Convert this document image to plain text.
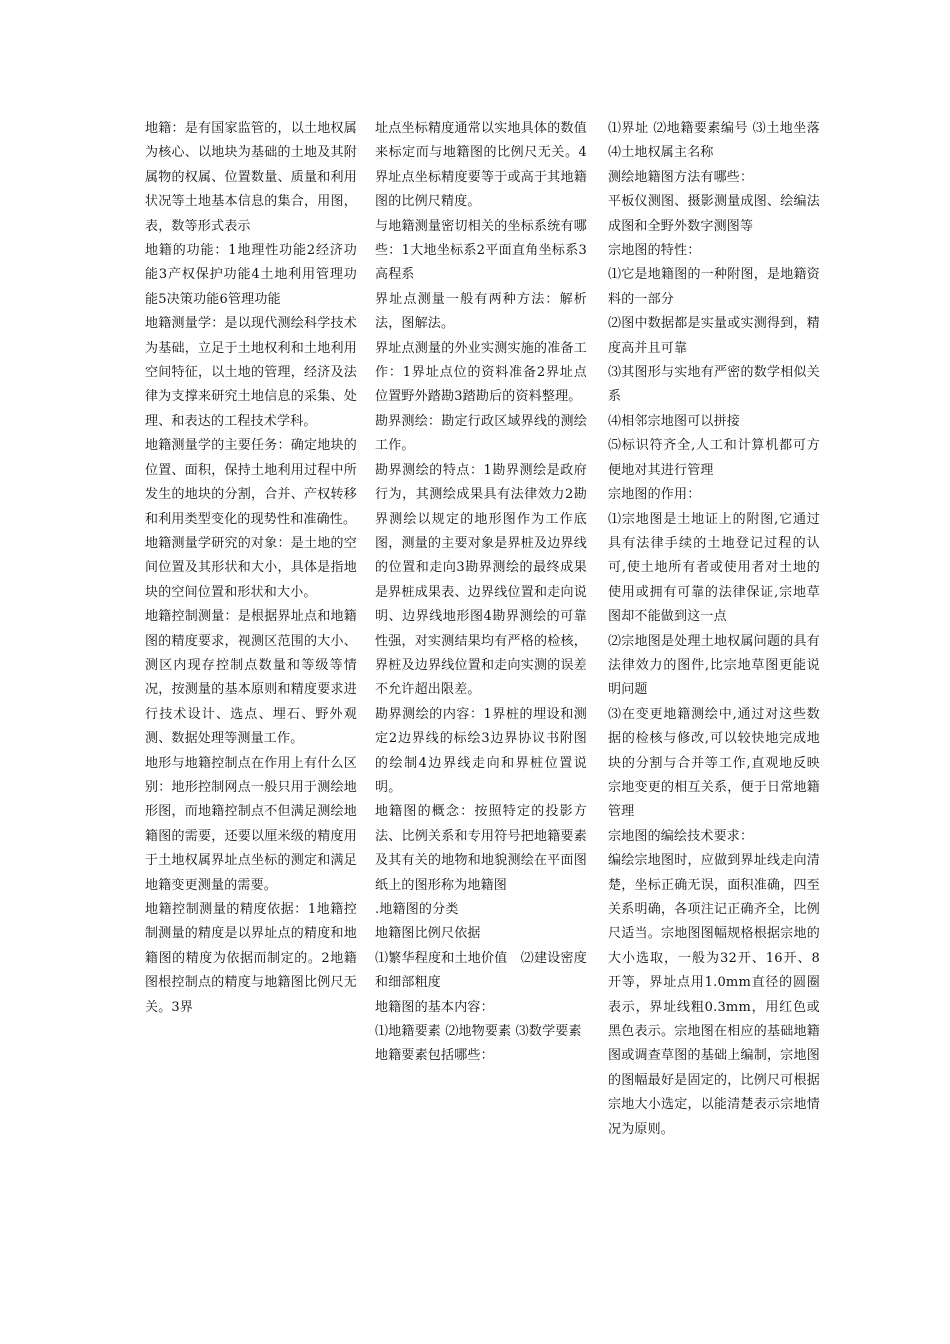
地籍：是有国家监管的，以土地权属为核心、以地块为基础的土地及其附属物的权属、位置数量、质量和利用状况等土地基本信息的集合，用图，表，数等形式表示

地籍的功能：1地理性功能2经济功能3产权保护功能4土地利用管理功能5决策功能6管理功能

地籍测量学：是以现代测绘科学技术为基础，立足于土地权利和土地利用空间特征，以土地的管理，经济及法律为支撑来研究土地信息的采集、处理、和表达的工程技术学科。

地籍测量学的主要任务：确定地块的位置、面积，保持土地利用过程中所发生的地块的分割，合并、产权转移和利用类型变化的现势性和准确性。

地籍测量学研究的对象：是土地的空间位置及其形状和大小，具体是指地块的空间位置和形状和大小。

地籍控制测量：是根据界址点和地籍图的精度要求，视测区范围的大小、测区内现存控制点数量和等级等情况，按测量的基本原则和精度要求进行技术设计、选点、埋石、野外观测、数据处理等测量工作。

地形与地籍控制点在作用上有什么区别：地形控制网点一般只用于测绘地形图，而地籍控制点不但满足测绘地籍图的需要，还要以厘米级的精度用于土地权属界址点坐标的测定和满足地籍变更测量的需要。

地籍控制测量的精度依据：1地籍控制测量的精度是以界址点的精度和地籍图的精度为依据而制定的。2地籍图根控制点的精度与地籍图比例尺无关。3界

址点坐标精度通常以实地具体的数值来标定而与地籍图的比例尺无关。4界址点坐标精度要等于或高于其地籍图的比例尺精度。

与地籍测量密切相关的坐标系统有哪些：1大地坐标系2平面直角坐标系3高程系

界址点测量一般有两种方法：解析法，图解法。

界址点测量的外业实测实施的准备工作：1界址点位的资料准备2界址点位置野外踏勘3踏勘后的资料整理。

勘界测绘：勘定行政区域界线的测绘工作。

勘界测绘的特点：1勘界测绘是政府行为，其测绘成果具有法律效力2勘界测绘以规定的地形图作为工作底图，测量的主要对象是界桩及边界线的位置和走向3勘界测绘的最终成果是界桩成果表、边界线位置和走向说明、边界线地形图4勘界测绘的可靠性强，对实测结果均有严格的检核，界桩及边界线位置和走向实测的误差不允许超出限差。

勘界测绘的内容：1界桩的埋设和测定2边界线的标绘3边界协议书附图的绘制4边界线走向和界桩位置说明。

地籍图的概念：按照特定的投影方法、比例关系和专用符号把地籍要素及其有关的地物和地貌测绘在平面图纸上的图形称为地籍图

.地籍图的分类

地籍图比例尺依据

⑴繁华程度和土地价值　⑵建设密度和细部粗度

地籍图的基本内容：

⑴地籍要素 ⑵地物要素 ⑶数学要素

地籍要素包括哪些：

⑴界址 ⑵地籍要素编号 ⑶土地坐落 ⑷土地权属主名称

测绘地籍图方法有哪些：

平板仪测图、摄影测量成图、绘编法成图和全野外数字测图等

宗地图的特性：

⑴它是地籍图的一种附图，是地籍资料的一部分

⑵图中数据都是实量或实测得到，精度高并且可靠

⑶其图形与实地有严密的数学相似关系

⑷相邻宗地图可以拼接

⑸标识符齐全,人工和计算机都可方便地对其进行管理

宗地图的作用：

⑴宗地图是土地证上的附图,它通过具有法律手续的土地登记过程的认可,使土地所有者或使用者对土地的使用或拥有可靠的法律保证,宗地草图却不能做到这一点

⑵宗地图是处理土地权属问题的具有法律效力的图件,比宗地草图更能说明问题

⑶在变更地籍测绘中,通过对这些数据的检核与修改,可以较快地完成地块的分割与合并等工作,直观地反映宗地变更的相互关系，便于日常地籍管理

宗地图的编绘技术要求：

编绘宗地图时，应做到界址线走向清楚，坐标正确无误，面积准确，四至关系明确，各项注记正确齐全，比例尺适当。宗地图图幅规格根据宗地的大小选取，一般为32开、16开、8开等，界址点用1.0mm直径的圆圈表示，界址线粗0.3mm，用红色或黑色表示。宗地图在相应的基础地籍图或调查草图的基础上编制，宗地图的图幅最好是固定的，比例尺可根据宗地大小选定，以能清楚表示宗地情况为原则。
